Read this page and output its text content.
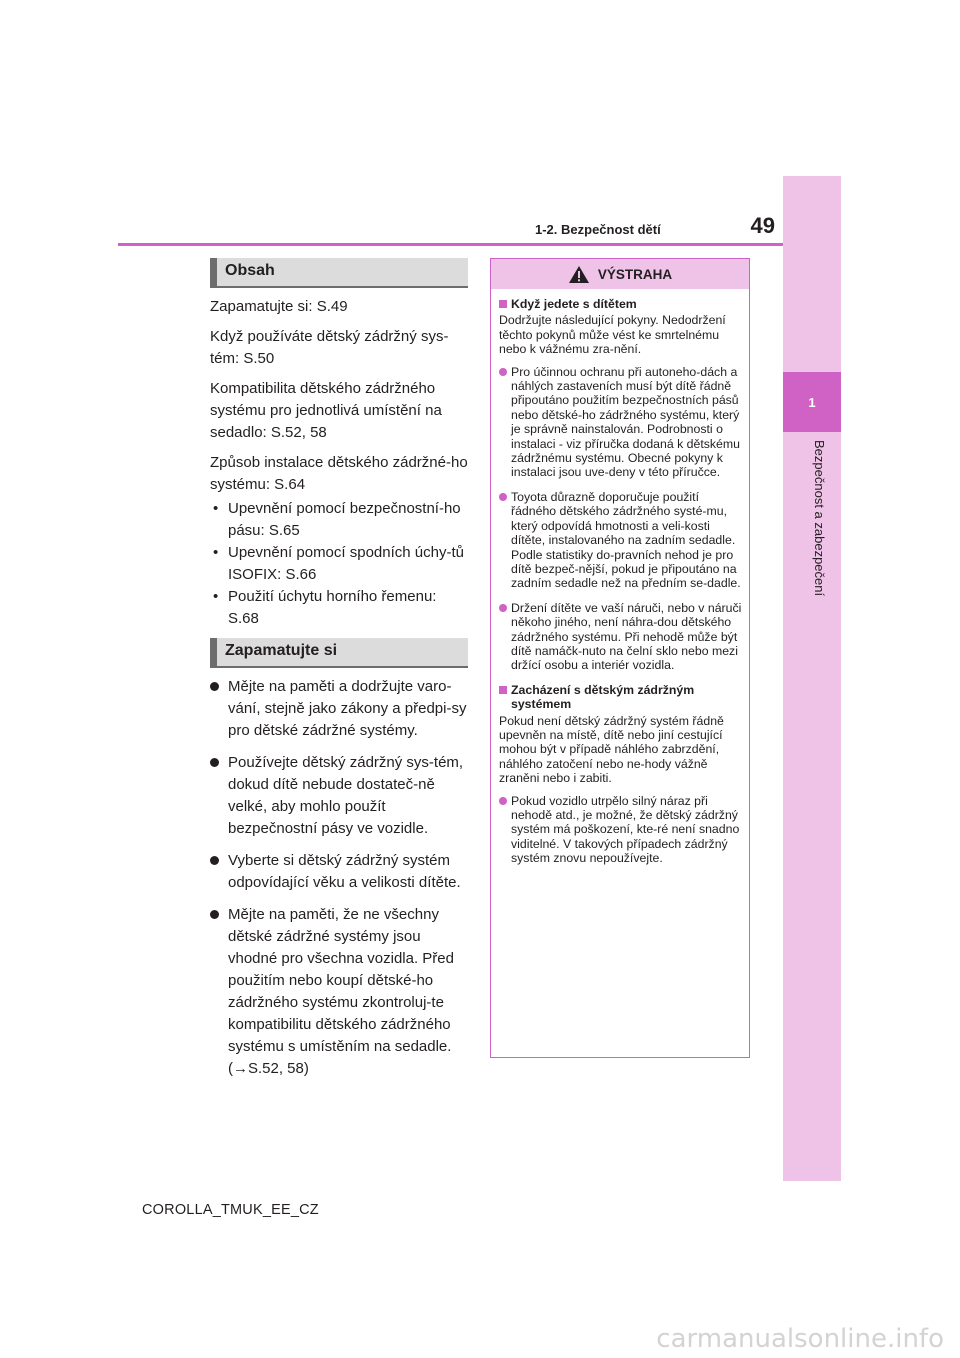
1
Bezpečnost a zabezpečení
49
1-2. Bezpečnost dětí
Obsah

Zapamatujte si: S.49

Když používáte dětský zádržný sys-tém: S.50

Kompatibilita dětského zádržného systému pro jednotlivá umístění na sedadlo: S.52, 58

Způsob instalace dětského zádržné-ho systému: S.64

• Upevnění pomocí bezpečnostní-ho pásu: S.65
• Upevnění pomocí spodních úchy-tů ISOFIX: S.66
• Použití úchytu horního řemenu: S.68
Zapamatujte si
Mějte na paměti a dodržujte varo-vání, stejně jako zákony a předpi-sy pro dětské zádržné systémy.
Používejte dětský zádržný sys-tém, dokud dítě nebude dostateč-ně velké, aby mohlo použít bezpečnostní pásy ve vozidle.
Vyberte si dětský zádržný systém odpovídající věku a velikosti dítěte.
Mějte na paměti, že ne všechny dětské zádržné systémy jsou vhodné pro všechna vozidla. Před použitím nebo koupí dětské-ho zádržného systému zkontroluj-te kompatibilitu dětského zádržného systému s umístěním na sedadle. (→S.52, 58)
VÝSTRAHA
Když jedete s dítětem
Dodržujte následující pokyny. Nedodržení těchto pokynů může vést ke smrtelnému nebo k vážnému zra-nění.
Pro účinnou ochranu při autoneho-dách a náhlých zastaveních musí být dítě řádně připoutáno použitím bezpečnostních pásů nebo dětské-ho zádržného systému, který je správně nainstalován. Podrobnosti o instalaci - viz příručka dodaná k dětskému zádržnému systému. Obecné pokyny k instalaci jsou uve-deny v této příručce.
Toyota důrazně doporučuje použití řádného dětského zádržného systé-mu, který odpovídá hmotnosti a veli-kosti dítěte, instalovaného na zadním sedadle. Podle statistiky do-pravních nehod je pro dítě bezpeč-nější, pokud je připoutáno na zadním sedadle než na předním se-dadle.
Držení dítěte ve vaší náruči, nebo v náruči někoho jiného, není náhra-dou dětského zádržného systému. Při nehodě může být dítě namáčk-nuto na čelní sklo nebo mezi držící osobu a interiér vozidla.
Zacházení s dětským zádržným systémem
Pokud není dětský zádržný systém řádně upevněn na místě, dítě nebo jiní cestující mohou být v případě náhlého zabrzdění, náhlého zatočení nebo ne-hody vážně zraněni nebo i zabiti.
Pokud vozidlo utrpělo silný náraz při nehodě atd., je možné, že dětský zádržný systém má poškození, kte-ré není snadno viditelné. V takových případech zádržný systém znovu nepoužívejte.
COROLLA_TMUK_EE_CZ
carmanualsonline.info
